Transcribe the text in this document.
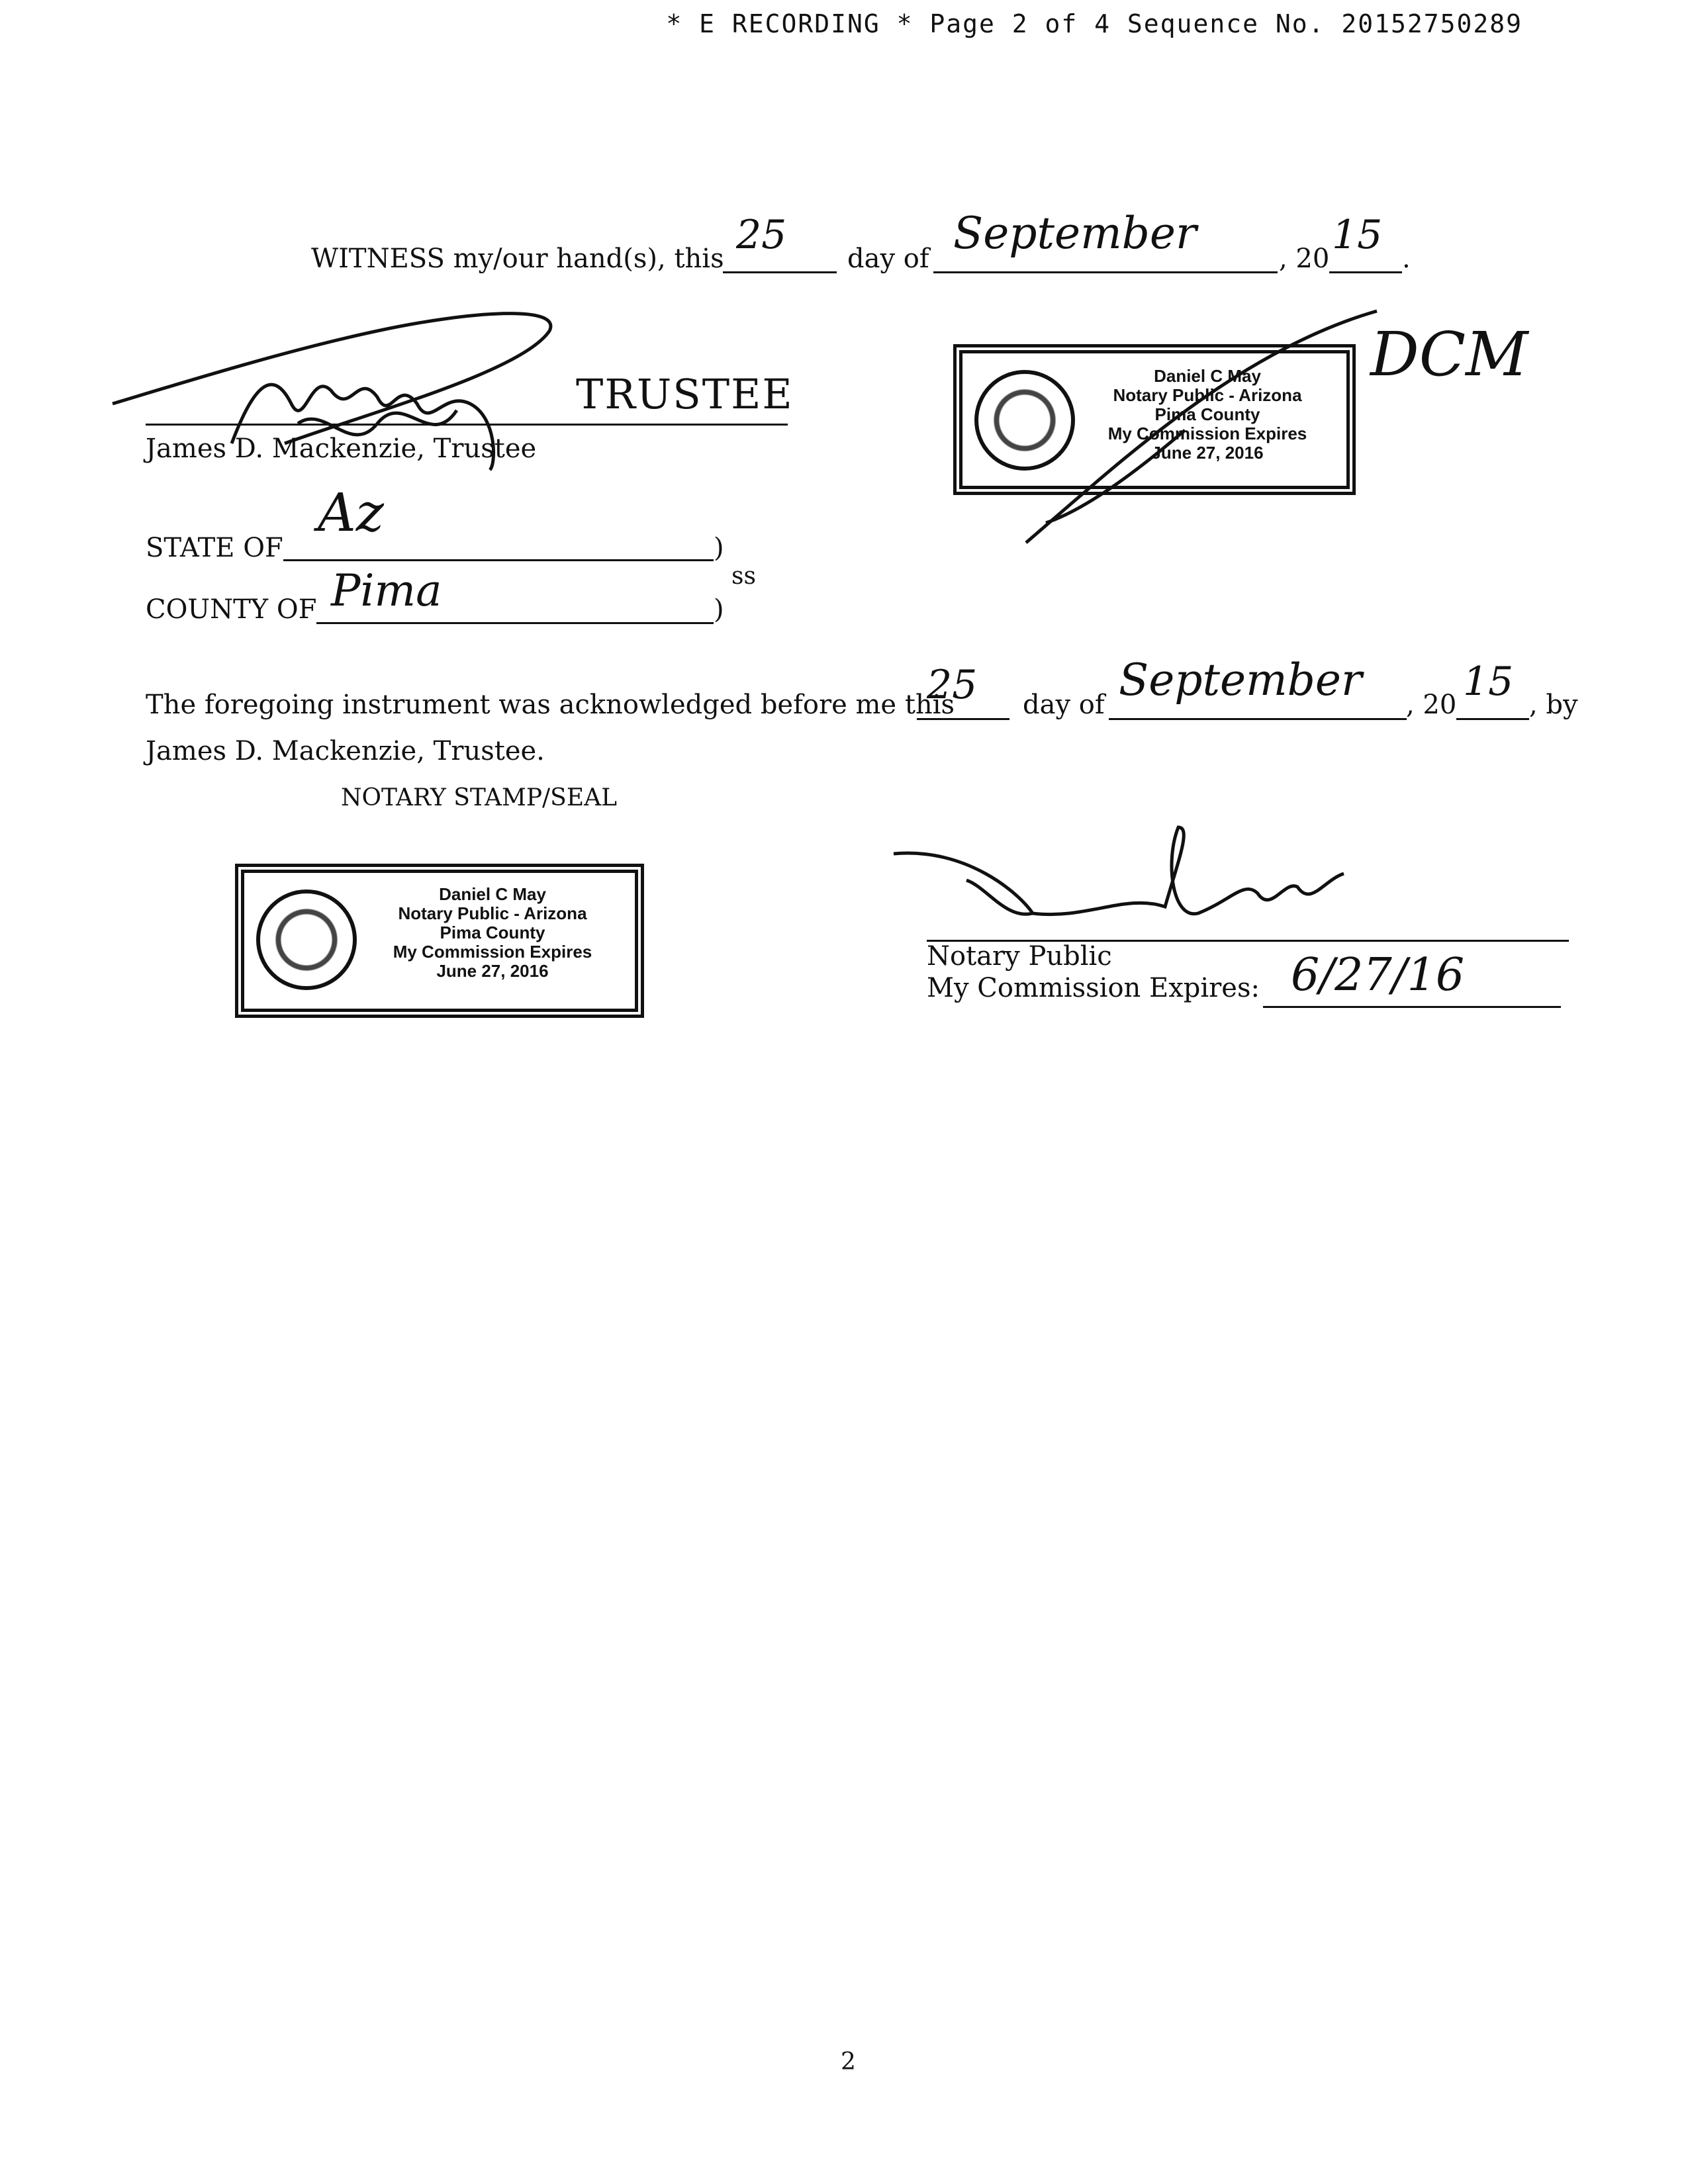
* E RECORDING * Page 2 of 4 Sequence No. 20152750289
WITNESS my/our hand(s), this
25
day of September	, 20
15
.
TRUSTEE
James D. Mackenzie, Trustee
Daniel C May
Notary Public - Arizona
Pima County
My Commission Expires
June 27, 2016
DCM
STATE OF
Az
)
ss
COUNTY OF Pima	)
The foregoing instrument was acknowledged before me this
25 day of September , 20 15 , by
James D. Mackenzie, Trustee.
NOTARY STAMP/SEAL
Daniel C May
Notary Public - Arizona
Pima County
My Commission Expires
June 27, 2016	Notary Public
My Commission Expires: 6/27/16
2
